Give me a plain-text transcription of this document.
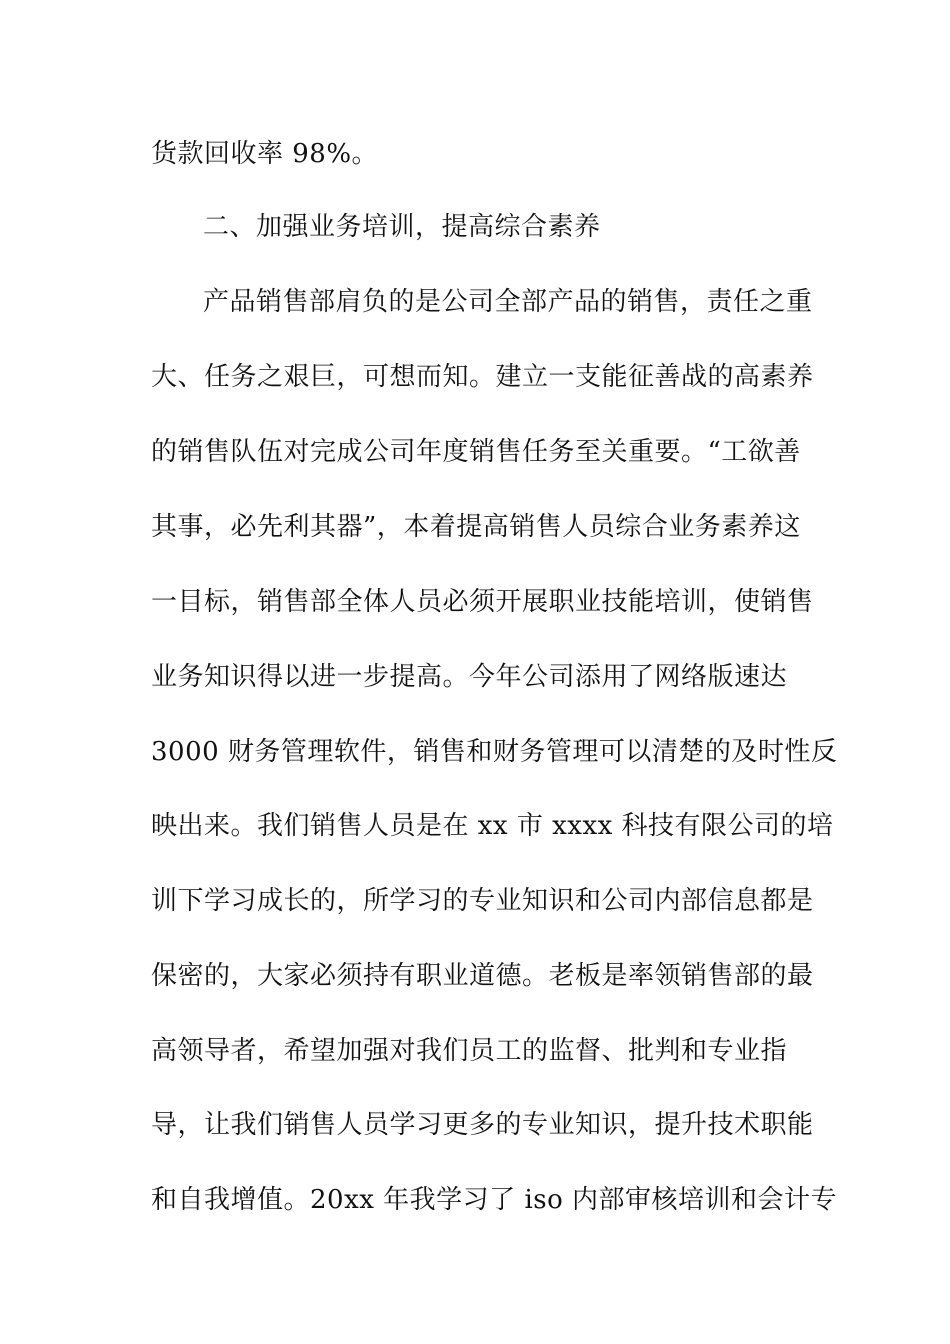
货款回收率 98%。

二、加强业务培训，提高综合素养

产品销售部肩负的是公司全部产品的销售，责任之重

大、任务之艰巨，可想而知。建立一支能征善战的高素养

的销售队伍对完成公司年度销售任务至关重要。“工欲善

其事，必先利其器”，本着提高销售人员综合业务素养这

一目标，销售部全体人员必须开展职业技能培训，使销售

业务知识得以进一步提高。今年公司添用了网络版速达

3000 财务管理软件，销售和财务管理可以清楚的及时性反

映出来。我们销售人员是在 xx 市 xxxx 科技有限公司的培

训下学习成长的，所学习的专业知识和公司内部信息都是

保密的，大家必须持有职业道德。老板是率领销售部的最

高领导者，希望加强对我们员工的监督、批判和专业指

导，让我们销售人员学习更多的专业知识，提升技术职能

和自我增值。20xx 年我学习了 iso 内部审核培训和会计专
